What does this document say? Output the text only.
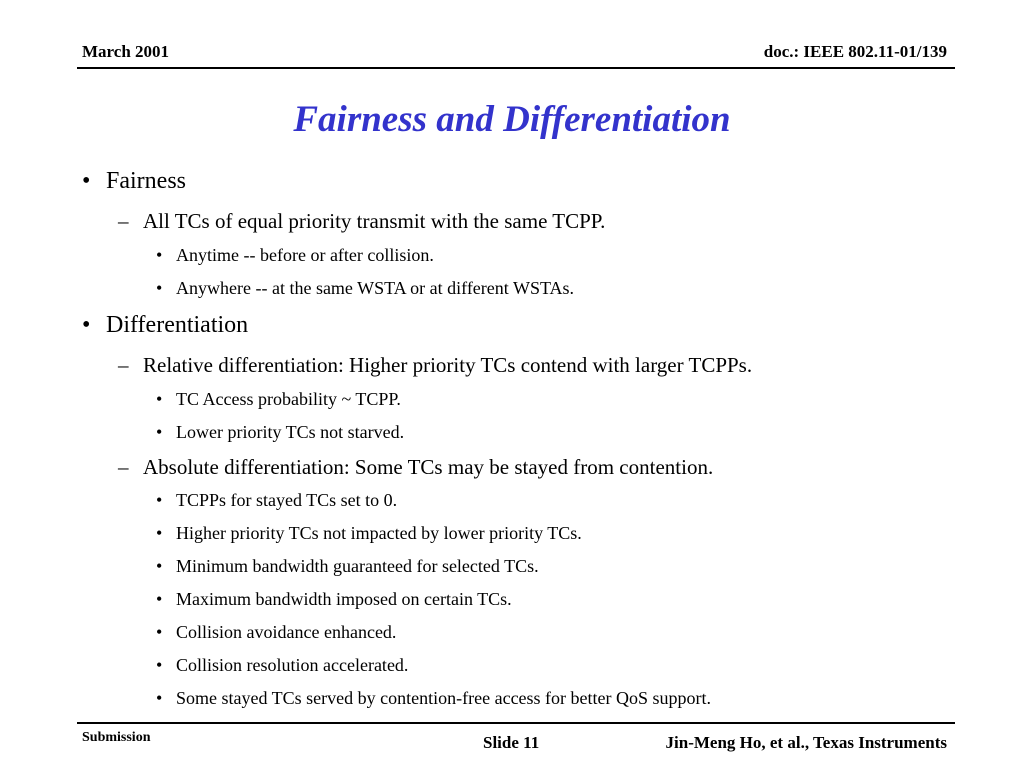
March 2001	doc.: IEEE 802.11-01/139
Fairness and Differentiation
• Fairness
– All TCs of equal priority transmit with the same TCPP.
• Anytime -- before or after collision.
• Anywhere -- at the same WSTA or at different WSTAs.
• Differentiation
– Relative differentiation: Higher priority TCs contend with larger TCPPs.
• TC Access probability ~ TCPP.
• Lower priority TCs not starved.
– Absolute differentiation: Some TCs may be stayed from contention.
• TCPPs for stayed TCs set to 0.
• Higher priority TCs not impacted by lower priority TCs.
• Minimum bandwidth guaranteed for selected TCs.
• Maximum bandwidth imposed on certain TCs.
• Collision avoidance enhanced.
• Collision resolution accelerated.
• Some stayed TCs served by contention-free access for better QoS support.
Submission	Slide 11	Jin-Meng Ho, et al., Texas Instruments
